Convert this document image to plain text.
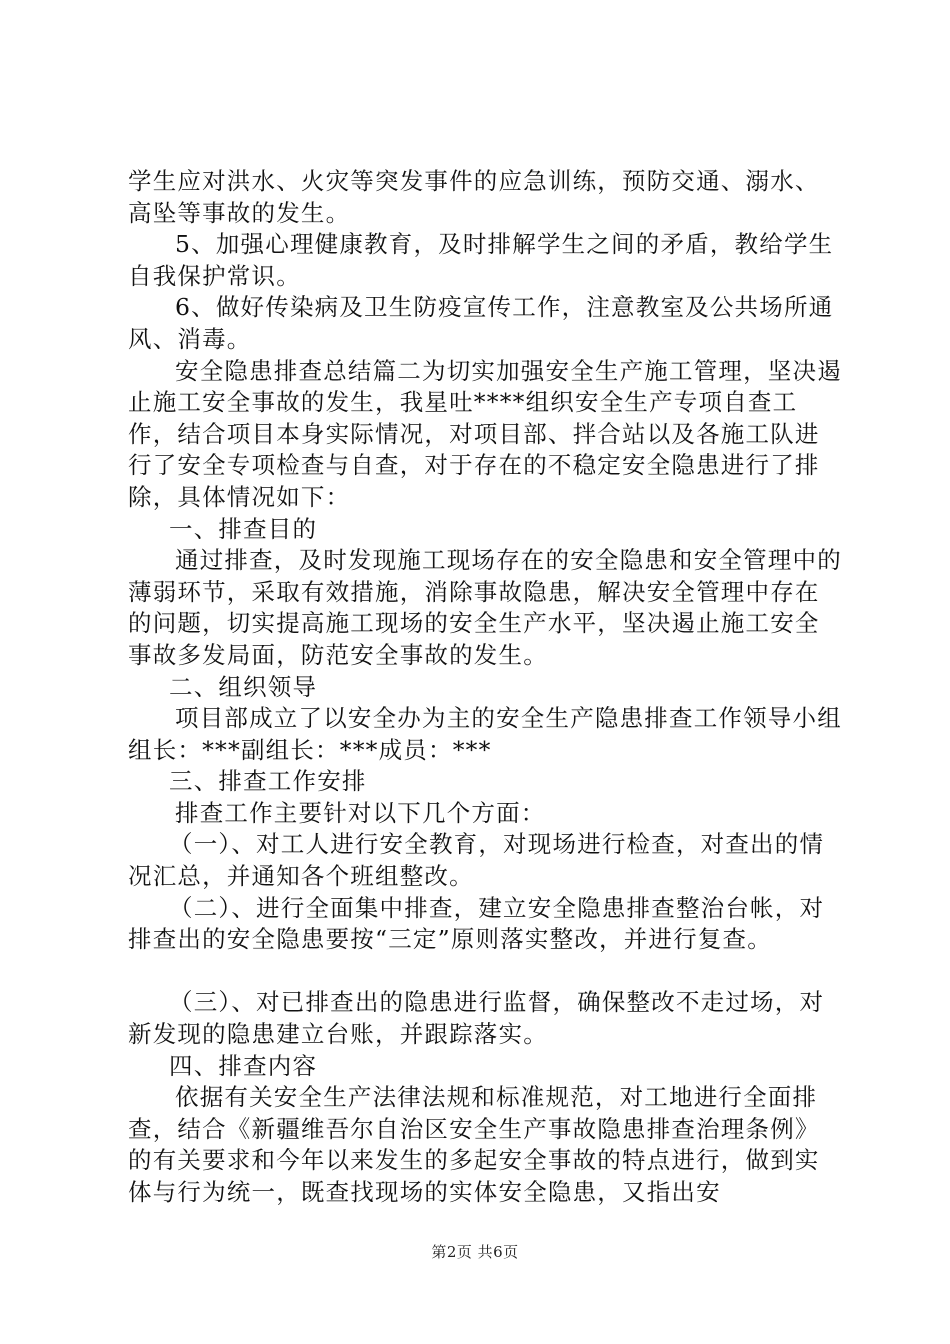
学生应对洪水、火灾等突发事件的应急训练，预防交通、溺水、高坠等事故的发生。

5、加强心理健康教育，及时排解学生之间的矛盾，教给学生自我保护常识。

6、做好传染病及卫生防疫宣传工作，注意教室及公共场所通风、消毒。

安全隐患排查总结篇二为切实加强安全生产施工管理，坚决遏止施工安全事故的发生，我星吐****组织安全生产专项自查工作，结合项目本身实际情况，对项目部、拌合站以及各施工队进行了安全专项检查与自查，对于存在的不稳定安全隐患进行了排除，具体情况如下：

一、排查目的

通过排查，及时发现施工现场存在的安全隐患和安全管理中的薄弱环节，采取有效措施，消除事故隐患，解决安全管理中存在的问题，切实提高施工现场的安全生产水平，坚决遏止施工安全事故多发局面，防范安全事故的发生。

二、组织领导

项目部成立了以安全办为主的安全生产隐患排查工作领导小组组长：***副组长：***成员：***

三、排查工作安排

排查工作主要针对以下几个方面：

（一）、对工人进行安全教育，对现场进行检查，对查出的情况汇总，并通知各个班组整改。

（二）、进行全面集中排查，建立安全隐患排查整治台帐，对排查出的安全隐患要按“三定”原则落实整改，并进行复查。

（三）、对已排查出的隐患进行监督，确保整改不走过场，对新发现的隐患建立台账，并跟踪落实。

四、排查内容

依据有关安全生产法律法规和标准规范，对工地进行全面排查，结合《新疆维吾尔自治区安全生产事故隐患排查治理条例》的有关要求和今年以来发生的多起安全事故的特点进行，做到实体与行为统一，既查找现场的实体安全隐患，又指出安

第2页 共6页
